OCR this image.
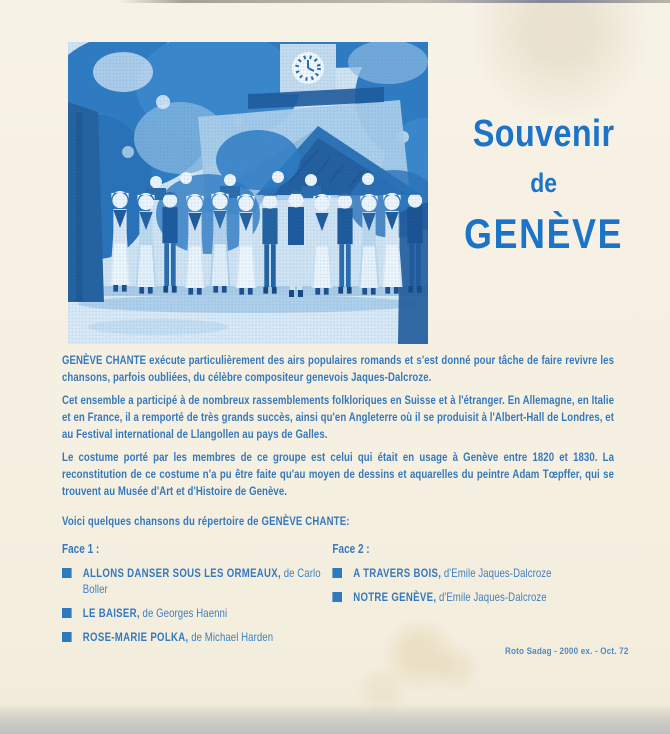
Souvenir
de
GENÈVE

GENÈVE CHANTE exécute particulièrement des airs populaires romands et s'est donné pour tâche de faire revivre les chansons, parfois oubliées, du célèbre compositeur genevois Jaques-Dalcroze.

Cet ensemble a participé à de nombreux rassemblements folkloriques en Suisse et à l'étranger. En Allemagne, en Italie et en France, il a remporté de très grands succès, ainsi qu'en Angleterre où il se produisit à l'Albert-Hall de Londres, et au Festival international de Llangollen au pays de Galles.

Le costume porté par les membres de ce groupe est celui qui était en usage à Genève entre 1820 et 1830. La reconstitution de ce costume n'a pu être faite qu'au moyen de dessins et aquarelles du peintre Adam Tœpffer, qui se trouvent au Musée d'Art et d'Histoire de Genève.

Voici quelques chansons du répertoire de GENÈVE CHANTE:

Face 1 :

ALLONS DANSER SOUS LES ORMEAUX, de Carlo Boller
LE BAISER, de Georges Haenni
ROSE-MARIE POLKA, de Michael Harden

Face 2 :

A TRAVERS BOIS, d'Emile Jaques-Dalcroze
NOTRE GENÈVE, d'Emile Jaques-Dalcroze
Roto Sadag - 2000 ex. - Oct. 72
